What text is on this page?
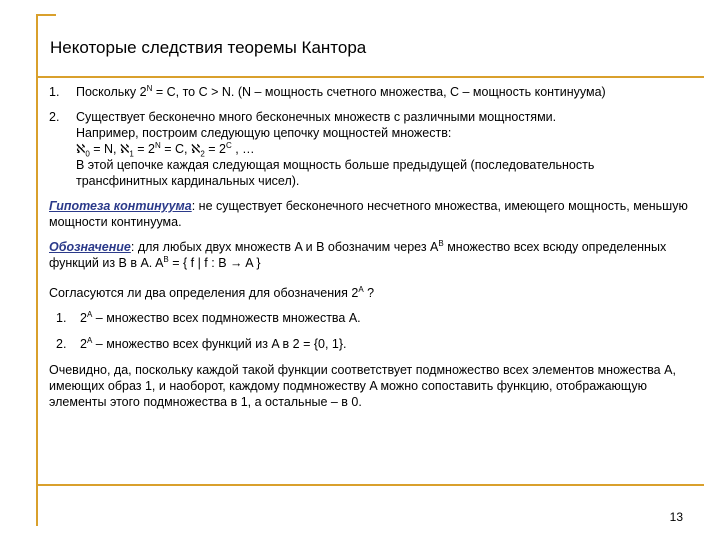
Некоторые следствия теоремы Кантора
1.	Поскольку $2^N = C$, то C > N. (N – мощность счетного множества, C – мощность континуума)
2.	Существует бесконечно много бесконечных множеств с различными мощностями.
Например, построим следующую цепочку мощностей множеств:
ℵ$_0$ = N, ℵ$_1$ = $2^N = C$, ℵ$_2$ = $2^C$ , …
В этой цепочке каждая следующая мощность больше предыдущей (последовательность
трансфинитных кардинальных чисел).

Гипотеза континуума: не существует бесконечного несчетного множества, имеющего мощность, меньшую мощности континуума.

Обозначение: для любых двух множеств A и B обозначим через $A^B$ множество всех всюду определенных функций из B в A. $A^B$ = { f | f : B → A }

Согласуются ли два определения для обозначения $2^A$ ?

1.	$2^A$ – множество всех подмножеств множества A.
2.	$2^A$ – множество всех функций из A в 2 = {0, 1}.

Очевидно, да, поскольку каждой такой функции соответствует подмножество всех элементов множества A, имеющих образ 1, и наоборот, каждому подмножеству A можно сопоставить функцию, отображающую элементы этого подмножества в 1, а остальные – в 0.

13
